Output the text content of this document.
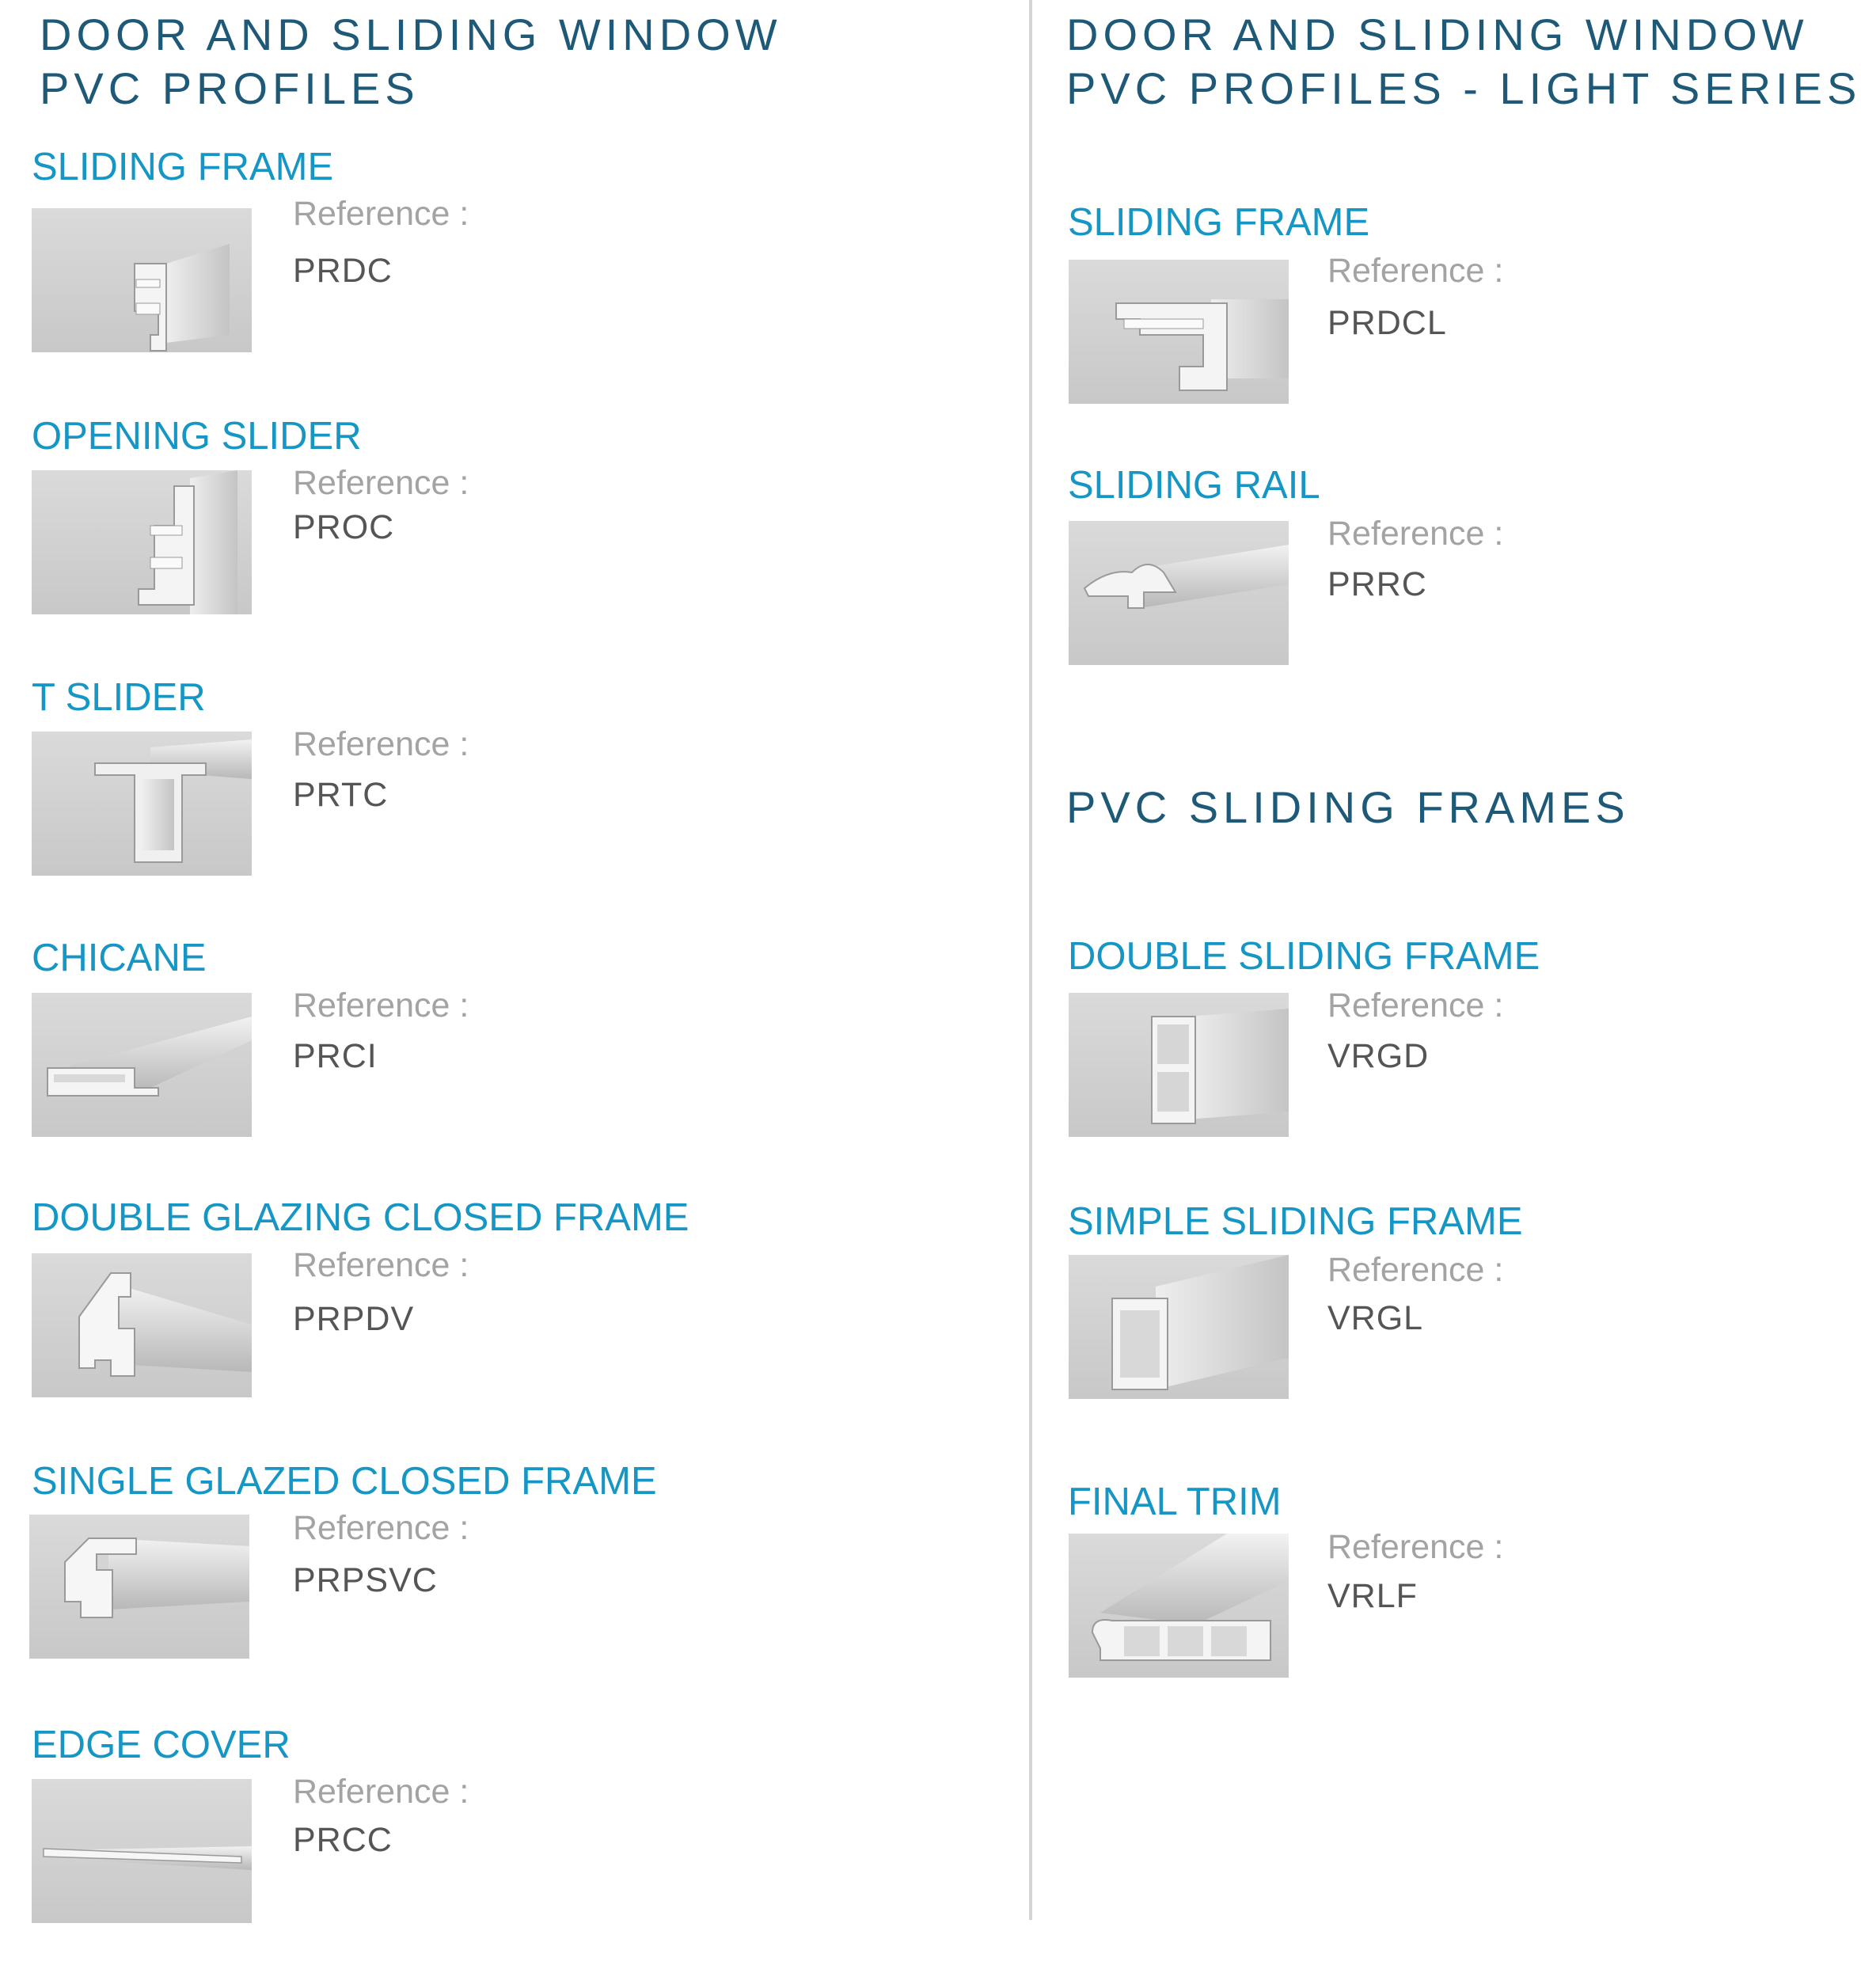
DOOR AND SLIDING WINDOW
PVC PROFILES
SLIDING FRAME
Reference :
PRDC
OPENING SLIDER
Reference :
PROC
T SLIDER
Reference :
PRTC
CHICANE
Reference :
PRCI
DOUBLE GLAZING CLOSED FRAME
Reference :
PRPDV
SINGLE GLAZED CLOSED FRAME
Reference :
PRPSVC
EDGE COVER
Reference :
PRCC
DOOR AND SLIDING WINDOW
PVC PROFILES - LIGHT SERIES
SLIDING FRAME
Reference :
PRDCL
SLIDING RAIL
Reference :
PRRC
PVC SLIDING FRAMES
DOUBLE SLIDING FRAME
Reference :
VRGD
SIMPLE SLIDING FRAME
Reference :
VRGL
FINAL TRIM
Reference :
VRLF
